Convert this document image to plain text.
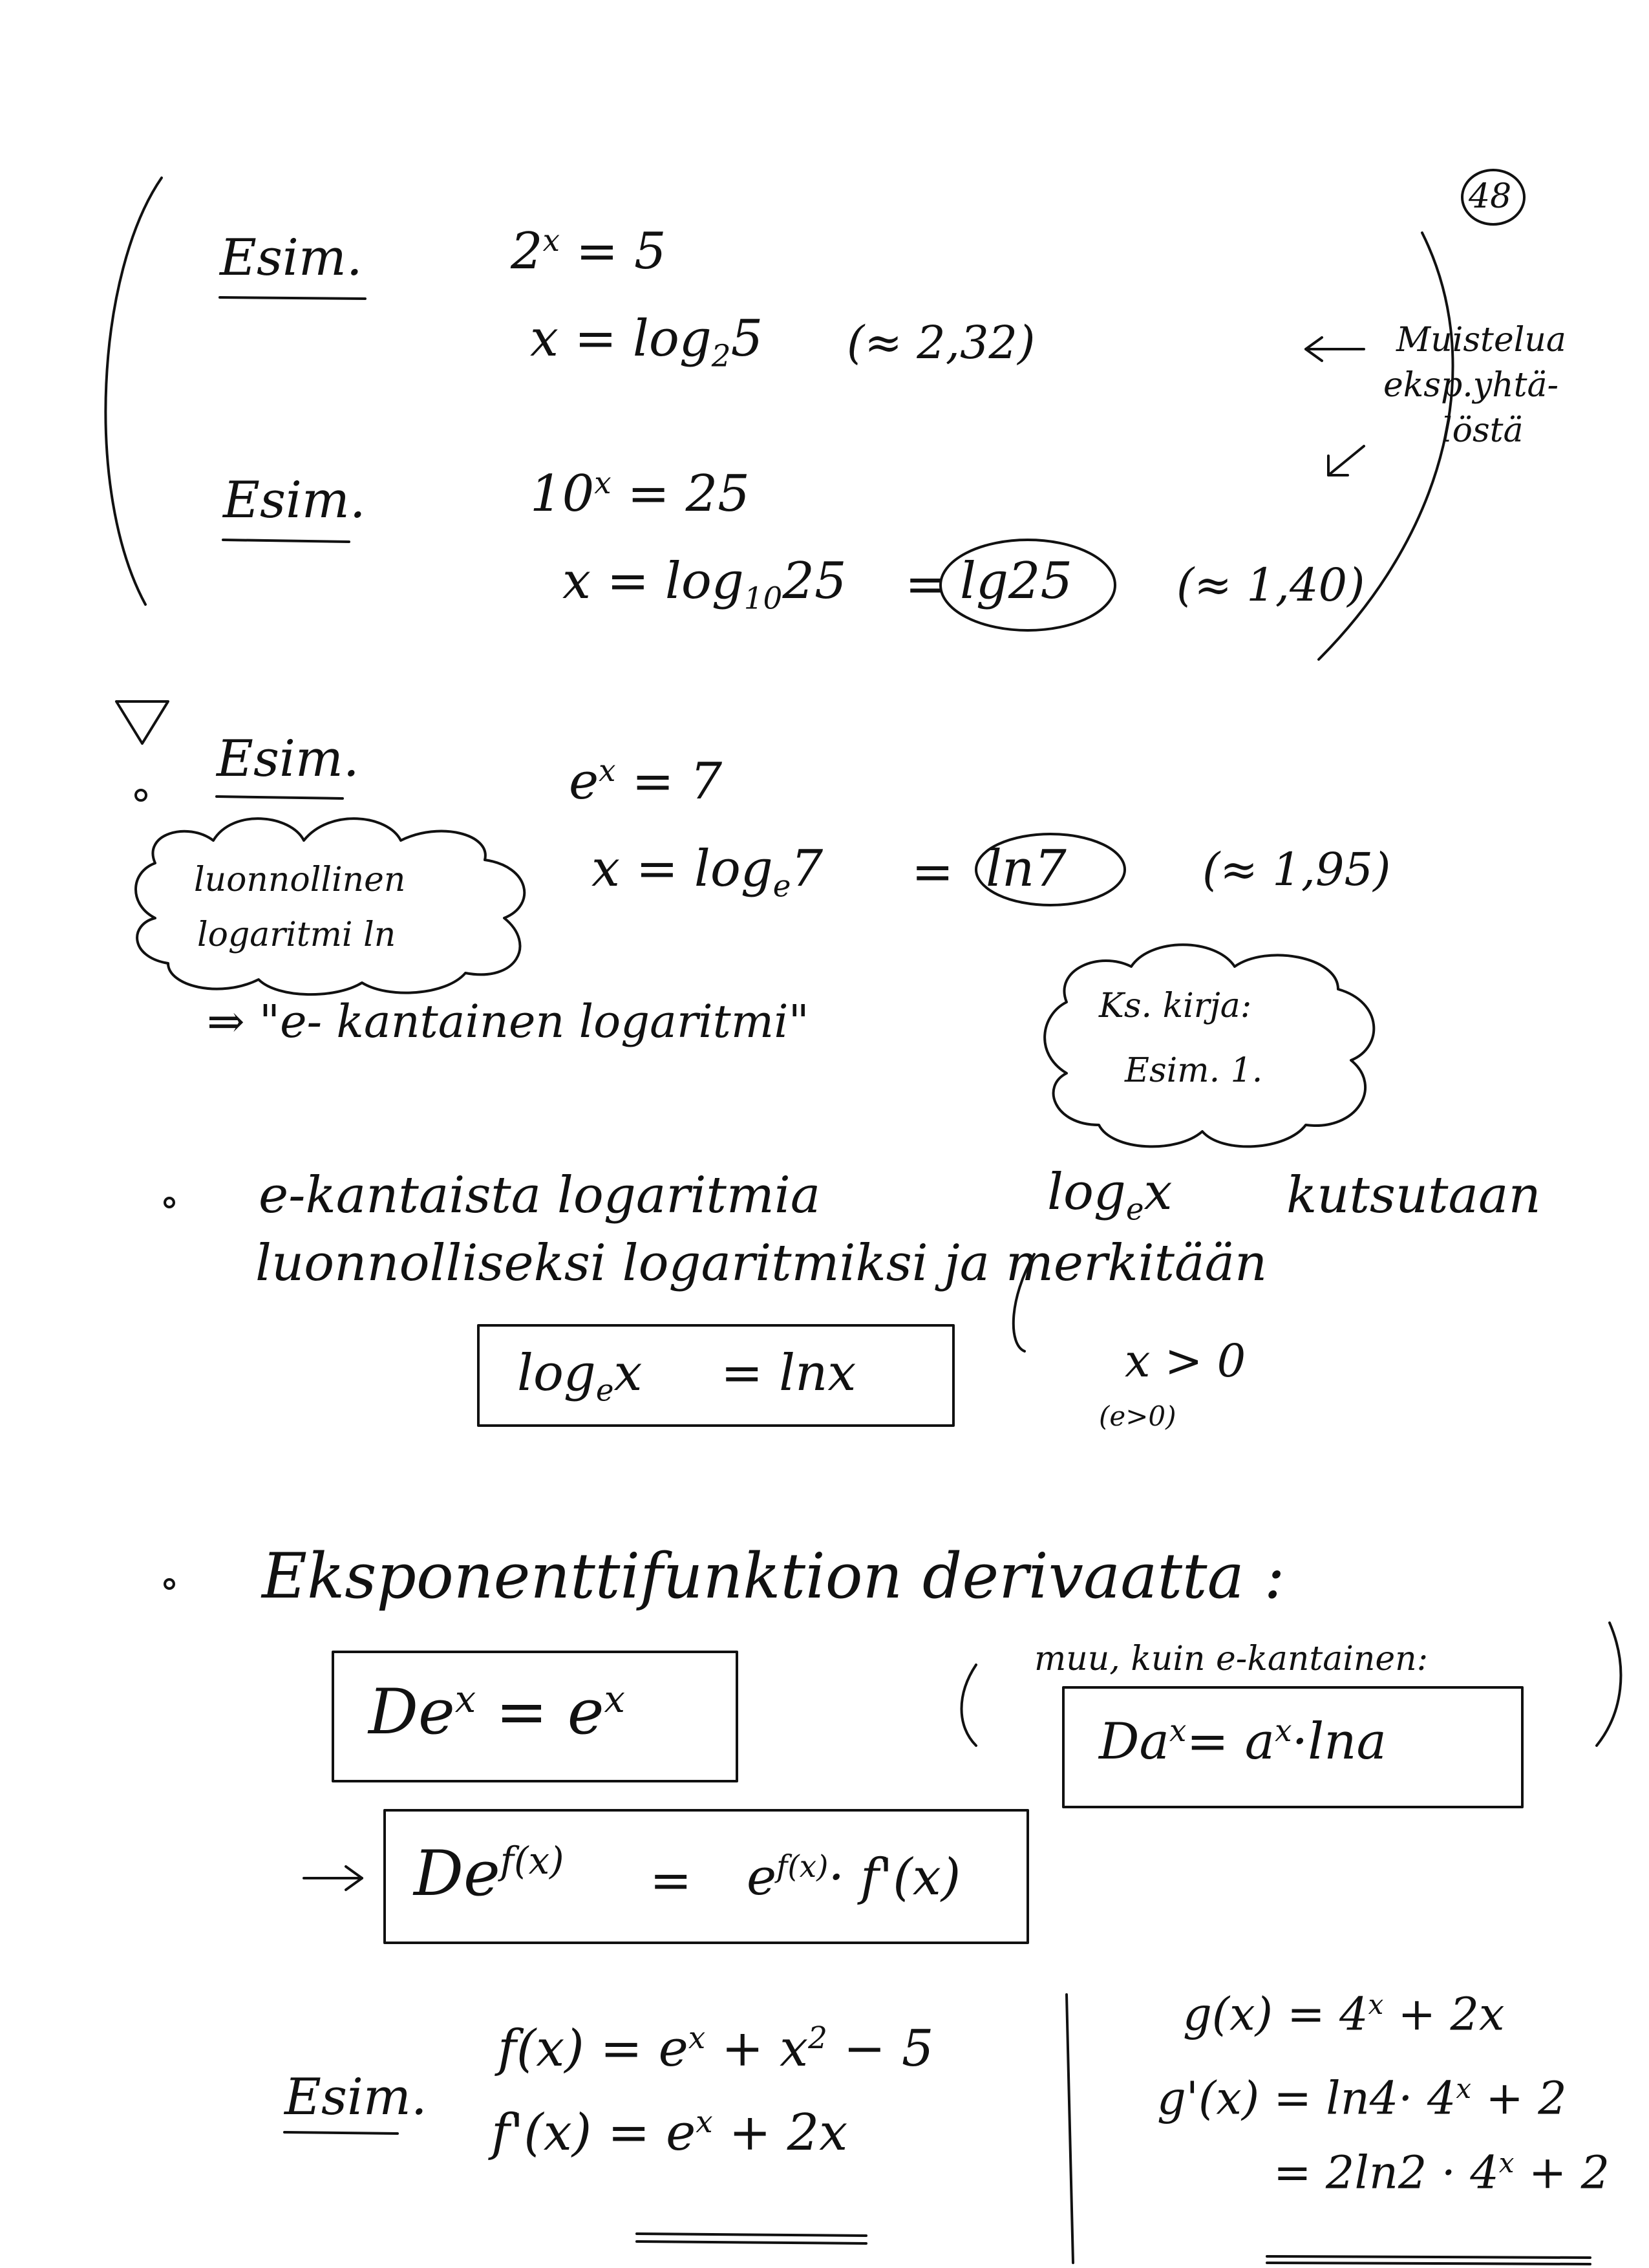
48
Esim.	$2^x = 5$
$x = \log_25$ (≈ 2,32)	Muistelua
eksp.yhtä-
löstä
Esim.	$10^x = 25$
$x = \log_{10}25 = \lg 25$ (≈ 1,40)
Esim.	$e^x = 7$
$x = \log_e7 = \ln 7$	(≈ 1,95)
luonnollinen
logaritmi ln
⇒ "e- kantainen logaritmi"	Ks. kirja:
Esim. 1.
e-kantaista logaritmia	$\log_ex$ kutsutaan
luonnolliseksi logaritmiksi ja merkitään
$\log_ex = \ln x$	x > 0
(e>0)
Eksponenttifunktion derivaatta :
$De^x = e^x$
muu, kuin e-kantainen:
$Da^x= a^x\cdot\ln a$
$De^{f(x)} = e^{f(x)}\cdot f'(x)$
Esim.
$f(x) = e^x + x^2 - 5$
$f'(x) = e^x + 2x$
$g(x) = 4^x + 2x$
$g'(x) = \ln 4\cdot 4^x + 2$
= $2\ln 2 \cdot 4^x + 2$
